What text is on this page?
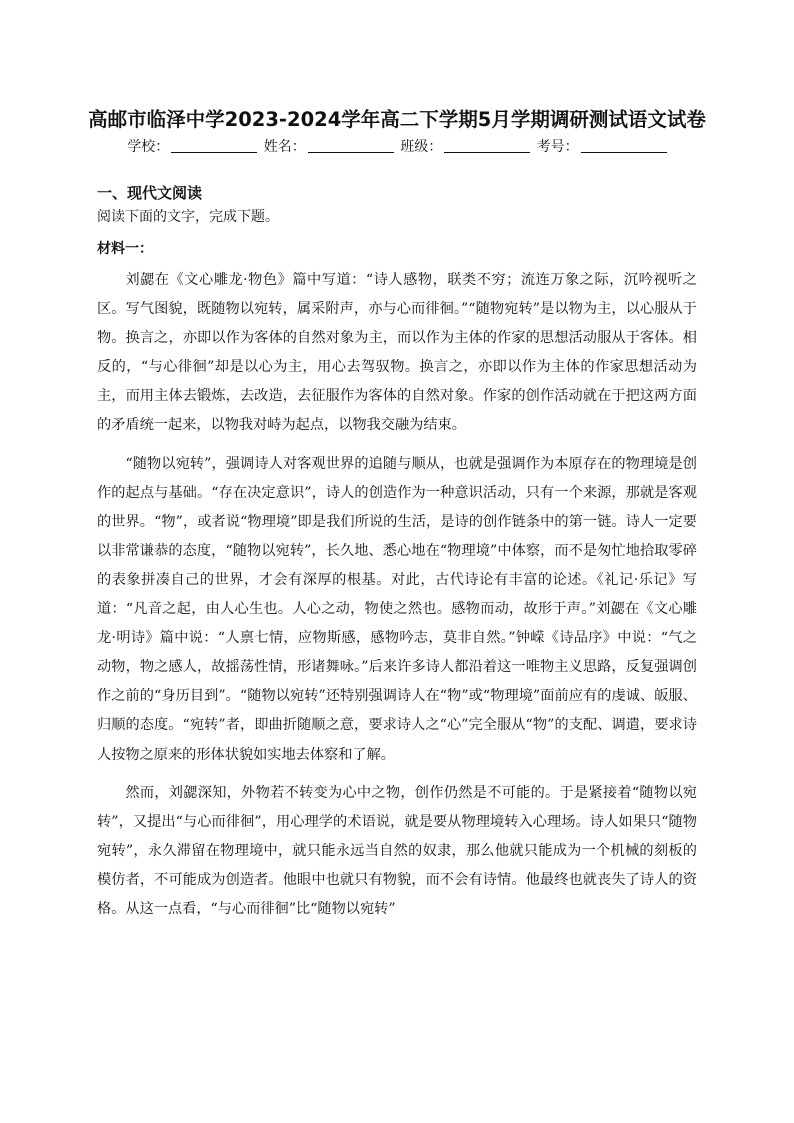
高邮市临泽中学2023-2024学年高二下学期5月学期调研测试语文试卷
学校：	姓名：	班级：	考号：
一、现代文阅读
阅读下面的文字，完成下题。
材料一：

刘勰在《文心雕龙·物色》篇中写道：“诗人感物，联类不穷；流连万象之际，沉吟视听之区。写气图貌，既随物以宛转，属采附声，亦与心而徘徊。”“随物宛转”是以物为主，以心服从于物。换言之，亦即以作为客体的自然对象为主，而以作为主体的作家的思想活动服从于客体。相反的，“与心徘徊”却是以心为主，用心去驾驭物。换言之，亦即以作为主体的作家思想活动为主，而用主体去锻炼，去改造，去征服作为客体的自然对象。作家的创作活动就在于把这两方面的矛盾统一起来，以物我对峙为起点，以物我交融为结束。

“随物以宛转”，强调诗人对客观世界的追随与顺从，也就是强调作为本原存在的物理境是创作的起点与基础。“存在决定意识”，诗人的创造作为一种意识活动，只有一个来源，那就是客观的世界。“物”，或者说“物理境”即是我们所说的生活，是诗的创作链条中的第一链。诗人一定要以非常谦恭的态度，“随物以宛转”，长久地、悉心地在“物理境”中体察，而不是匆忙地拾取零碎的表象拼凑自己的世界，才会有深厚的根基。对此，古代诗论有丰富的论述。《礼记·乐记》写道：“凡音之起，由人心生也。人心之动，物使之然也。感物而动，故形于声。”刘勰在《文心雕龙·明诗》篇中说：“人禀七情，应物斯感，感物吟志，莫非自然。”钟嵘《诗品序》中说：“气之动物，物之感人，故摇荡性情，形诸舞咏。”后来许多诗人都沿着这一唯物主义思路，反复强调创作之前的“身历目到”。“随物以宛转”还特别强调诗人在“物”或“物理境”面前应有的虔诚、皈服、归顺的态度。“宛转”者，即曲折随顺之意，要求诗人之“心”完全服从“物”的支配、调遣，要求诗人按物之原来的形体状貌如实地去体察和了解。

然而，刘勰深知，外物若不转变为心中之物，创作仍然是不可能的。于是紧接着“随物以宛转”，又提出“与心而徘徊”，用心理学的术语说，就是要从物理境转入心理场。诗人如果只“随物宛转”，永久滞留在物理境中，就只能永远当自然的奴隶，那么他就只能成为一个机械的刻板的模仿者，不可能成为创造者。他眼中也就只有物貌，而不会有诗情。他最终也就丧失了诗人的资格。从这一点看，“与心而徘徊”比“随物以宛转”
